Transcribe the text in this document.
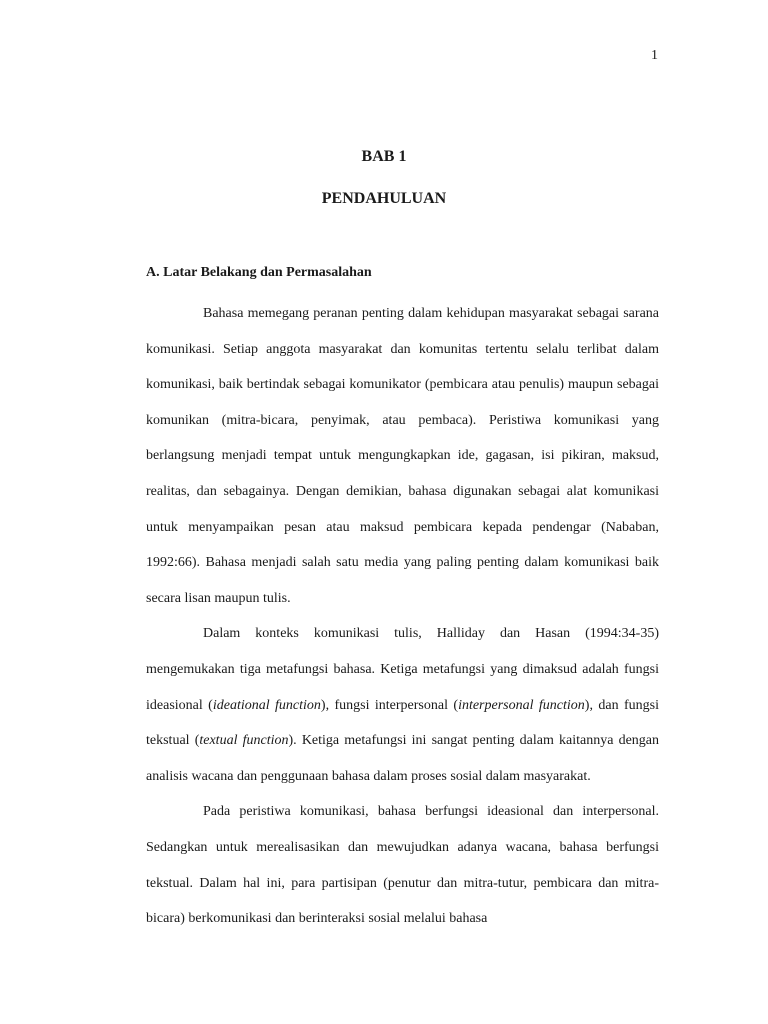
1
BAB 1
PENDAHULUAN
A. Latar Belakang dan Permasalahan

Bahasa memegang peranan penting dalam kehidupan masyarakat sebagai sarana komunikasi. Setiap anggota masyarakat dan komunitas tertentu selalu terlibat dalam komunikasi, baik bertindak sebagai komunikator (pembicara atau penulis) maupun sebagai komunikan (mitra-bicara, penyimak, atau pembaca). Peristiwa komunikasi yang berlangsung menjadi tempat untuk mengungkapkan ide, gagasan, isi pikiran, maksud, realitas, dan sebagainya. Dengan demikian, bahasa digunakan sebagai alat komunikasi untuk menyampaikan pesan atau maksud pembicara kepada pendengar (Nababan, 1992:66). Bahasa menjadi salah satu media yang paling penting dalam komunikasi baik secara lisan maupun tulis.

Dalam konteks komunikasi tulis, Halliday dan Hasan (1994:34-35) mengemukakan tiga metafungsi bahasa. Ketiga metafungsi yang dimaksud adalah fungsi ideasional (ideational function), fungsi interpersonal (interpersonal function), dan fungsi tekstual (textual function). Ketiga metafungsi ini sangat penting dalam kaitannya dengan analisis wacana dan penggunaan bahasa dalam proses sosial dalam masyarakat.

Pada peristiwa komunikasi, bahasa berfungsi ideasional dan interpersonal. Sedangkan untuk merealisasikan dan mewujudkan adanya wacana, bahasa berfungsi tekstual. Dalam hal ini, para partisipan (penutur dan mitra-tutur, pembicara dan mitra-bicara) berkomunikasi dan berinteraksi sosial melalui bahasa
